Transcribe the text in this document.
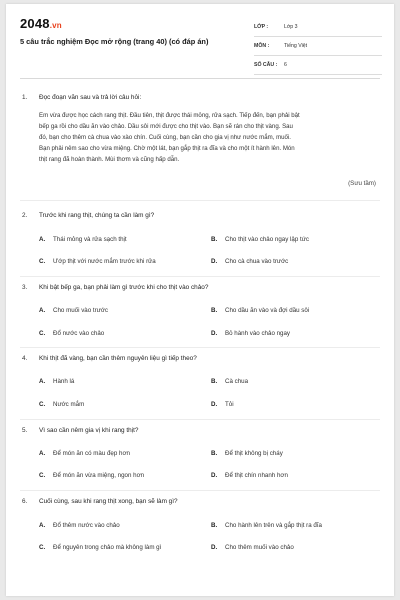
2048.vn
5 câu trắc nghiệm Đọc mở rộng (trang 40) (có đáp án)
LỚP :	Lớp 3
MÔN :	Tiếng Việt
SỐ CÂU :	6
1.	Đọc đoạn văn sau và trả lời câu hỏi:
Em vừa được học cách rang thịt. Đầu tiên, thịt được thái mỏng, rửa sạch. Tiếp đến, bạn phải bật
bếp ga rồi cho dầu ăn vào chảo. Dầu sôi mới được cho thịt vào. Bạn sẽ rán cho thịt vàng. Sau
đó, bạn cho thêm cà chua vào xào chín. Cuối cùng, bạn cần cho gia vị như nước mắm, muối.
Bạn phải nêm sao cho vừa miệng. Chờ một lát, bạn gắp thịt ra đĩa và cho một ít hành lên. Món
thịt rang đã hoàn thành. Mùi thơm và cũng hấp dẫn.
(Sưu tầm)
2.	Trước khi rang thịt, chúng ta cần làm gì?
A. Thái mỏng và rửa sạch thịt	B. Cho thịt vào chảo ngay lập tức
C. Ướp thịt với nước mắm trước khi rửa	D. Cho cà chua vào trước
3.	Khi bật bếp ga, bạn phải làm gì trước khi cho thịt vào chảo?
A. Cho muối vào trước	B. Cho dầu ăn vào và đợi dầu sôi
C. Đổ nước vào chảo	D. Bỏ hành vào chảo ngay
4.	Khi thịt đã vàng, bạn cần thêm nguyên liệu gì tiếp theo?
A. Hành lá	B. Cà chua
C. Nước mắm	D. Tỏi
5.	Vì sao cần nêm gia vị khi rang thịt?
A. Để món ăn có màu đẹp hơn	B. Để thịt không bị cháy
C. Để món ăn vừa miệng, ngon hơn	D. Để thịt chín nhanh hơn
6.	Cuối cùng, sau khi rang thịt xong, bạn sẽ làm gì?
A. Đổ thêm nước vào chảo	B. Cho hành lên trên và gắp thịt ra đĩa
C. Để nguyên trong chảo mà không làm gì	D. Cho thêm muối vào chảo
